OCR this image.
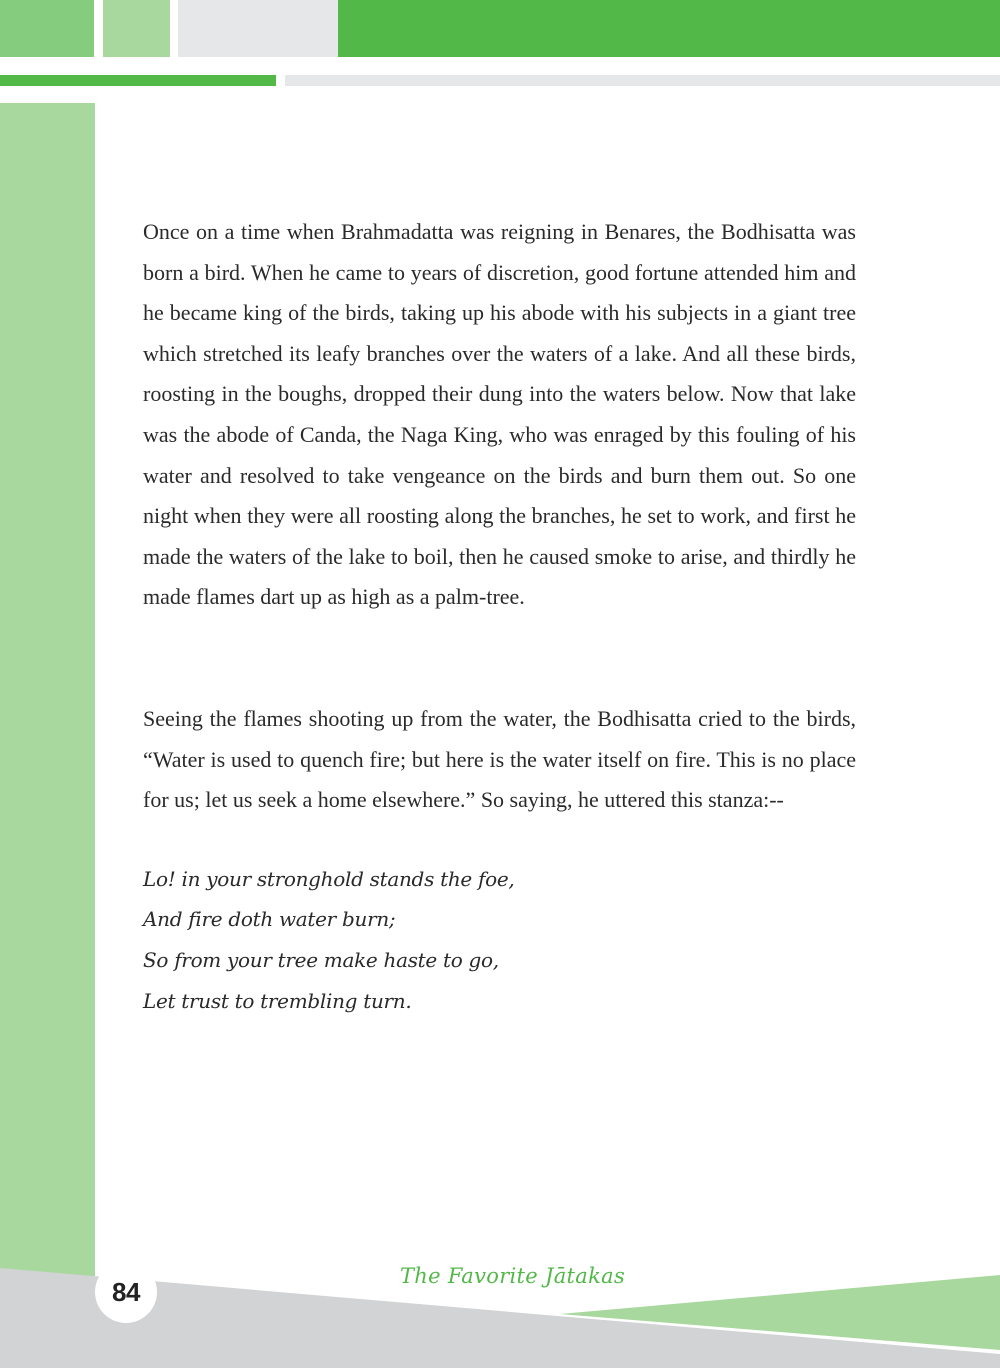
Once on a time when Brahmadatta was reigning in Benares, the Bodhisatta was born a bird. When he came to years of discretion, good fortune attended him and he became king of the birds, taking up his abode with his subjects in a giant tree which stretched its leafy branches over the waters of a lake. And all these birds, roosting in the boughs, dropped their dung into the waters below. Now that lake was the abode of Canda, the Naga King, who was enraged by this fouling of his water and resolved to take vengeance on the birds and burn them out. So one night when they were all roosting along the branches, he set to work, and first he made the waters of the lake to boil, then he caused smoke to arise, and thirdly he made flames dart up as high as a palm-tree.

Seeing the flames shooting up from the water, the Bodhisatta cried to the birds, “Water is used to quench fire; but here is the water itself on fire. This is no place for us; let us seek a home elsewhere.” So saying, he uttered this stanza:--

Lo! in your stronghold stands the foe,
And fire doth water burn;
So from your tree make haste to go,
Let trust to trembling turn.
84
The Favorite Jātakas
